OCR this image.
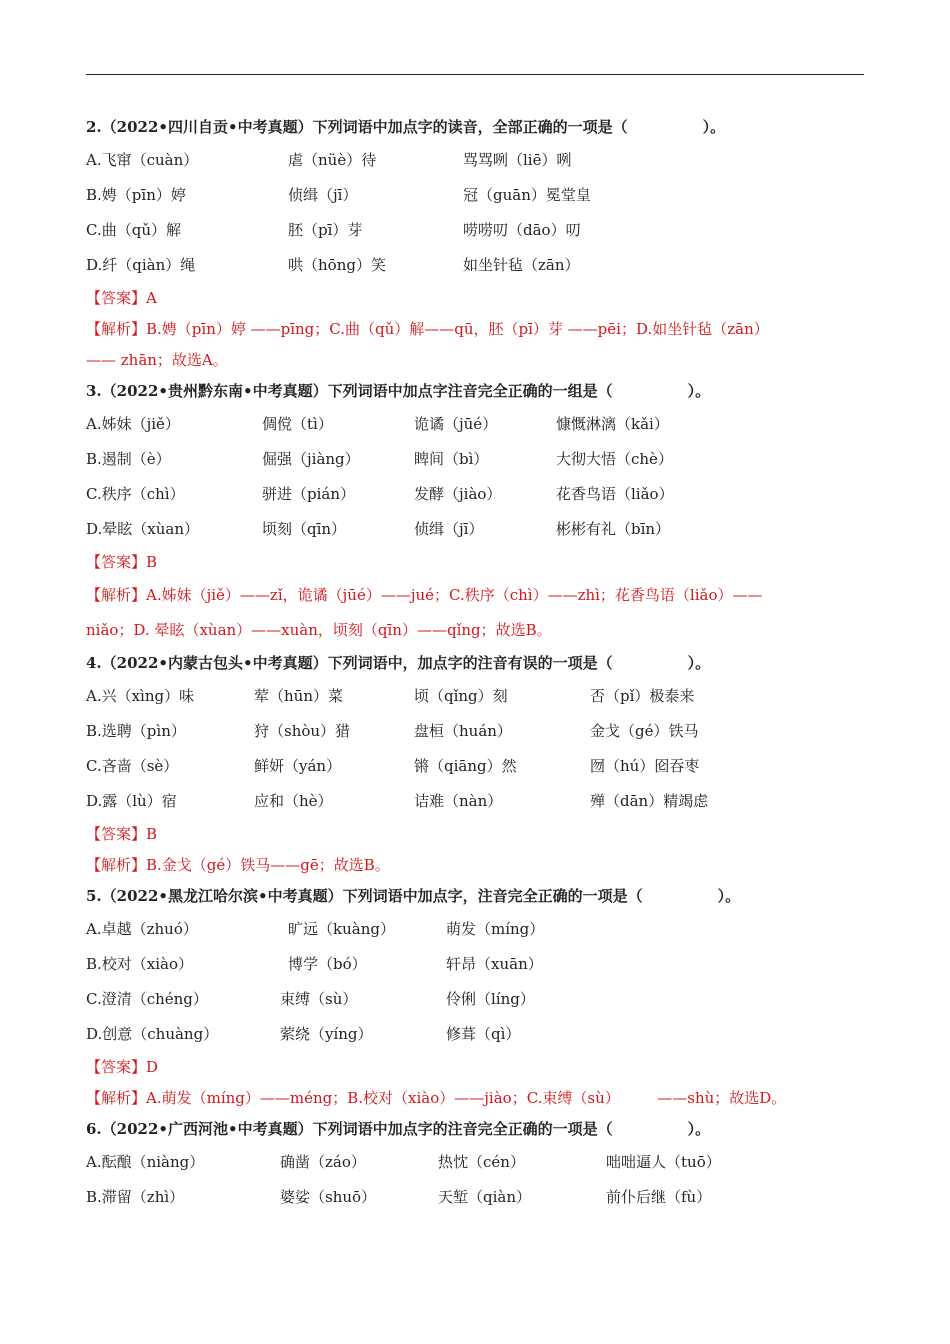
2.（2022•四川自贡•中考真题）下列词语中加点字的读音，全部正确的一项是（　　　　　）。
A.飞窜（cuàn）	虐（nüè）待	骂骂咧（liē）咧
B.娉（pīn）婷	侦缉（jī）	冠（guān）冕堂皇
C.曲（qǔ）解	胚（pī）芽	唠唠叨（dāo）叨
D.纤（qiàn）绳	哄（hōng）笑	如坐针毡（zān）
【答案】A
【解析】B.娉（pīn）婷 ——pīng；C.曲（qǔ）解——qū，胚（pī）芽 ——pēi；D.如坐针毡（zān）
—— zhān；故选A。
3.（2022•贵州黔东南•中考真题）下列词语中加点字注音完全正确的一组是（　　　　　）。
A.姊妹（jiě）	倜傥（tì）	诡谲（jūé）	慷慨淋漓（kǎi）
B.遏制（è）	倔强（jiàng）	睥间（bì）	大彻大悟（chè）
C.秩序（chì）	骈进（pián）	发酵（jiào）	花香鸟语（liǎo）
D.晕眩（xùan）	顷刻（qīn）	侦缉（jī）	彬彬有礼（bīn）
【答案】B
【解析】A.姊妹（jiě）——zǐ，诡谲（jūé）——jué；C.秩序（chì）——zhì；花香鸟语（liǎo）——
niǎo；D. 晕眩（xùan）——xuàn，顷刻（qīn）——qǐng；故选B。
4.（2022•内蒙古包头•中考真题）下列词语中，加点字的注音有误的一项是（　　　　　）。
A.兴（xìng）味	荤（hūn）菜	顷（qǐng）刻	否（pǐ）极泰来
B.选聘（pìn）	狩（shòu）猎	盘桓（huán）	金戈（gé）铁马
C.吝啬（sè）	鲜妍（yán）	锵（qiāng）然	囫（hú）囵吞枣
D.露（lù）宿	应和（hè）	诘难（nàn）	殚（dān）精竭虑
【答案】B
【解析】B.金戈（gé）铁马——gē；故选B。
5.（2022•黑龙江哈尔滨•中考真题）下列词语中加点字，注音完全正确的一项是（　　　　　）。
A.卓越（zhuó）	旷远（kuàng）	萌发（míng）
B.校对（xiào）	博学（bó）	轩昂（xuān）
C.澄清（chéng）	束缚（sù）	伶俐（líng）
D.创意（chuàng）	萦绕（yíng）	修葺（qì）
【答案】D
【解析】A.萌发（míng）——méng；B.校对（xiào）——jiào；C.束缚（sù）　　　——shù；故选D。
6.（2022•广西河池•中考真题）下列词语中加点字的注音完全正确的一项是（　　　　　）。
A.酝酿（niàng）	确凿（záo）	热忱（cén）	咄咄逼人（tuō）
B.滞留（zhì）	婆娑（shuō）	天堑（qiàn）	前仆后继（fù）
